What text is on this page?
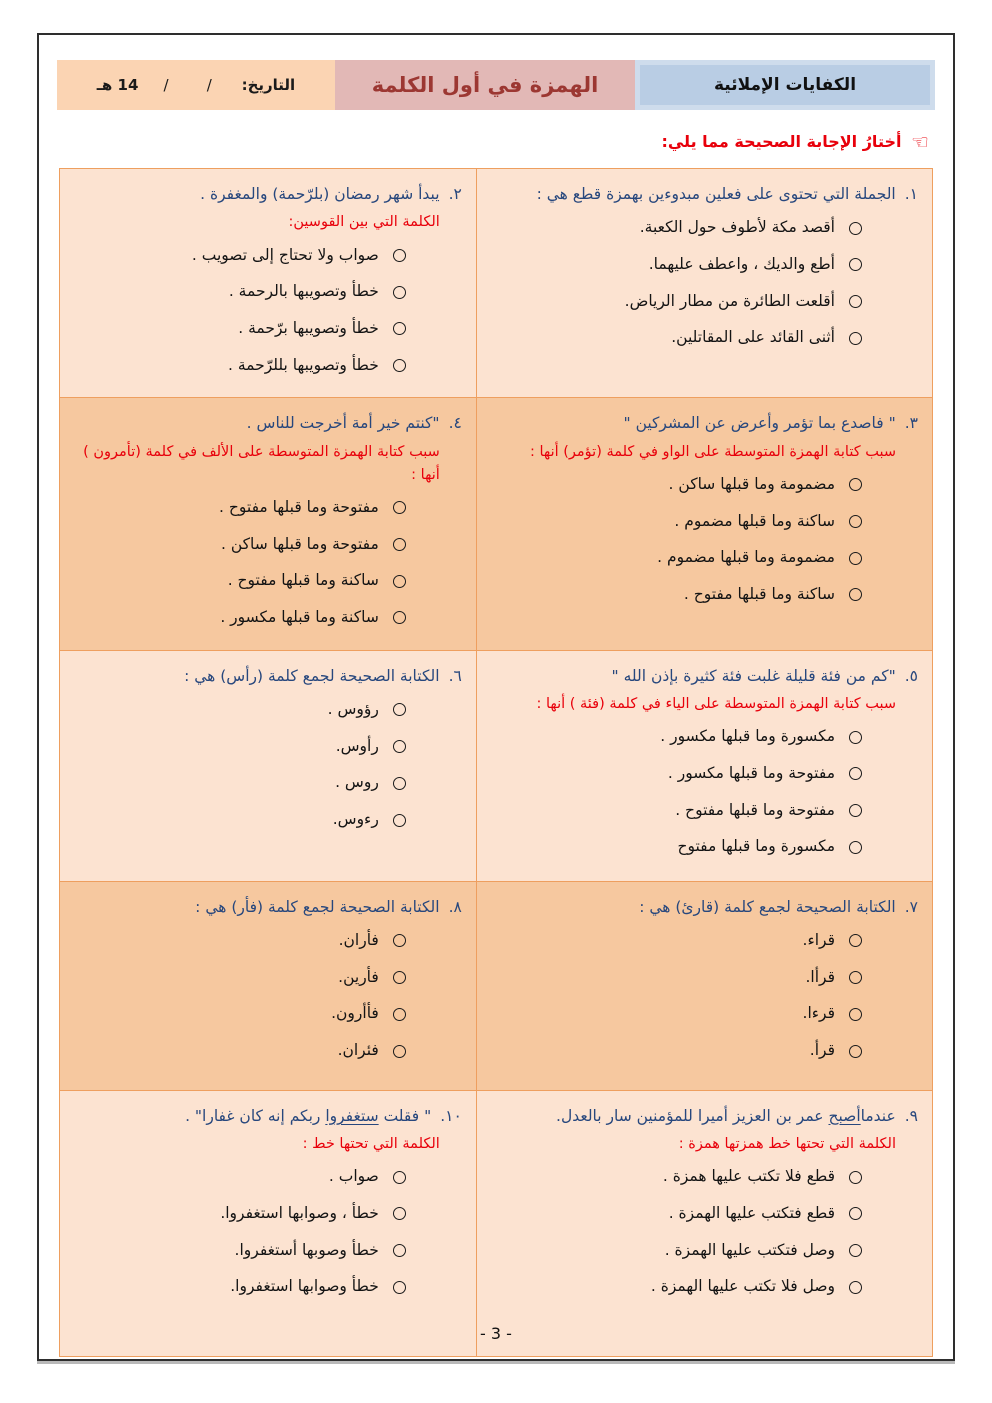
الكفايات الإملائية
الهمزة في أول الكلمة
التاريخ:
/        /
14 هـ
☜ أختارُ الإجابة الصحيحة مما يلي:
١.الجملة التي تحتوى على فعلين مبدوءين بهمزة قطع هي :
أقصد مكة لأطوف حول الكعبة.
أطع والديك ، واعطف عليهما.
أقلعت الطائرة من مطار الرياض.
أثنى القائد على المقاتلين.
٢.يبدأ شهر رمضان (بلرّحمة) والمغفرة .
الكلمة التي بين القوسين:
صواب ولا تحتاج إلى تصويب .
خطأ وتصويبها بالرحمة .
خطأ وتصويبها برّحمة .
خطأ وتصويبها بللرّحمة .
٣." فاصدع بما تؤمر وأعرض عن المشركين "
سبب كتابة الهمزة المتوسطة على الواو في كلمة (تؤمر) أنها :
مضمومة وما قبلها ساكن .
ساكنة وما قبلها مضموم .
مضمومة وما قبلها مضموم .
ساكنة وما قبلها مفتوح .
٤."كنتم خير أمة أخرجت للناس .
سبب كتابة الهمزة المتوسطة على الألف في كلمة (تأمرون ) أنها :
مفتوحة وما قبلها مفتوح .
مفتوحة وما قبلها ساكن .
ساكنة وما قبلها مفتوح .
ساكنة وما قبلها مكسور .
٥."كم من فئة قليلة غلبت فئة كثيرة بإذن الله "
سبب كتابة الهمزة المتوسطة على الياء في كلمة (فئة ) أنها :
مكسورة وما قبلها مكسور .
مفتوحة وما قبلها مكسور .
مفتوحة وما قبلها مفتوح .
مكسورة وما قبلها مفتوح
٦.الكتابة الصحيحة لجمع كلمة (رأس) هي :
رؤوس .
رأوس.
روس .
رءوس.
٧.الكتابة الصحيحة لجمع كلمة (قارئ) هي :
قراء.
قرأا.
قرءا.
قرأ.
٨.الكتابة الصحيحة لجمع كلمة (فأر) هي :
فأران.
فأرين.
فأأرون.
فئران.
٩.عندماأصبح عمر بن العزيز أميرا للمؤمنين سار بالعدل.
الكلمة التي تحتها خط همزتها همزة :
قطع فلا تكتب عليها همزة .
قطع فتكتب عليها الهمزة .
وصل فتكتب عليها الهمزة .
وصل فلا تكتب عليها الهمزة .
١٠." فقلت ستغفروا ربكم إنه كان غفارا" .
الكلمة التي تحتها خط :
صواب .
خطأ ، وصوابها استغفروا.
خطأ وصوبها أستغفروا.
خطأ وصوابها استغفروا.
- 3 -
